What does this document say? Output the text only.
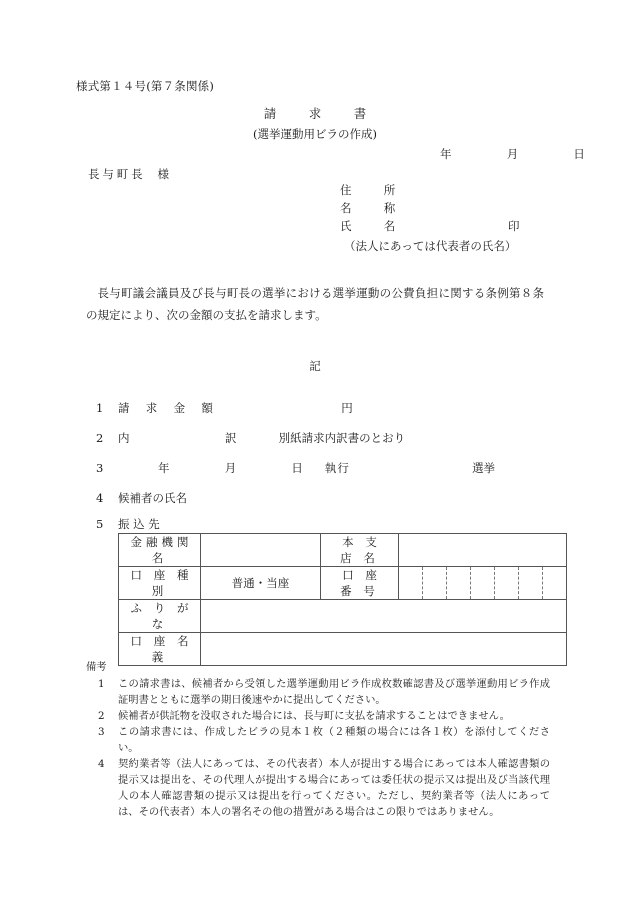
様式第１４号(第７条関係)
請求書
(選挙運動用ビラの作成)
年　月　日
長与町長 様
住　所
名　称
氏　名	印
（法人にあっては代表者の氏名）
長与町議会議員及び長与町長の選挙における選挙運動の公費負担に関する条例第８条の規定により、次の金額の支払を請求します。
記
1 請 求 金 額	円
2 内　　訳 別紙請求内訳書のとおり
3	年　月　日執行	選挙
4 候補者の氏名
5 振 込 先
金融機関名		本 支 店 名							
口 座 種 別	普通・当座	口 座 番 号							
ふ り が な									
口 座 名 義									
備考
1 この請求書は、候補者から受領した選挙運動用ビラ作成枚数確認書及び選挙運動用ビラ作成証明書とともに選挙の期日後速やかに提出してください。
2 候補者が供託物を没収された場合には、長与町に支払を請求することはできません。
3 この請求書には、作成したビラの見本１枚（２種類の場合には各１枚）を添付してください。
4 契約業者等（法人にあっては、その代表者）本人が提出する場合にあっては本人確認書類の提示又は提出を、その代理人が提出する場合にあっては委任状の提示又は提出及び当該代理人の本人確認書類の提示又は提出を行ってください。ただし、契約業者等（法人にあっては、その代表者）本人の署名その他の措置がある場合はこの限りではありません。
